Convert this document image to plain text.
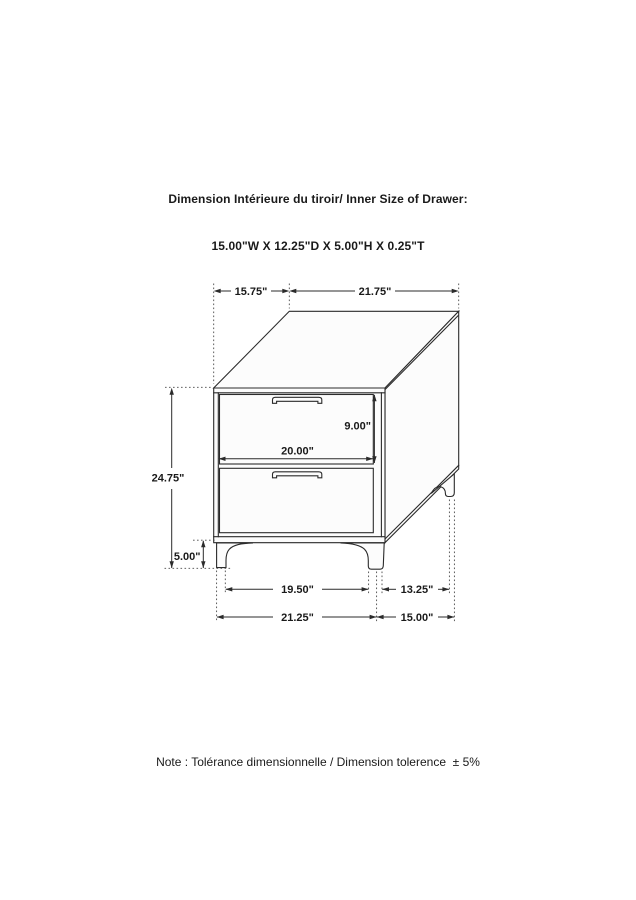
Dimension Intérieure du tiroir/ Inner Size of Drawer:

15.00"W X 12.25"D X 5.00"H X 0.25"T

15.75"	21.75"
24.75"
9.00"
20.00"
5.00"
19.50"	13.25"
21.25"	15.00"
Note : Tolérance dimensionnelle / Dimension tolerence  ± 5%
